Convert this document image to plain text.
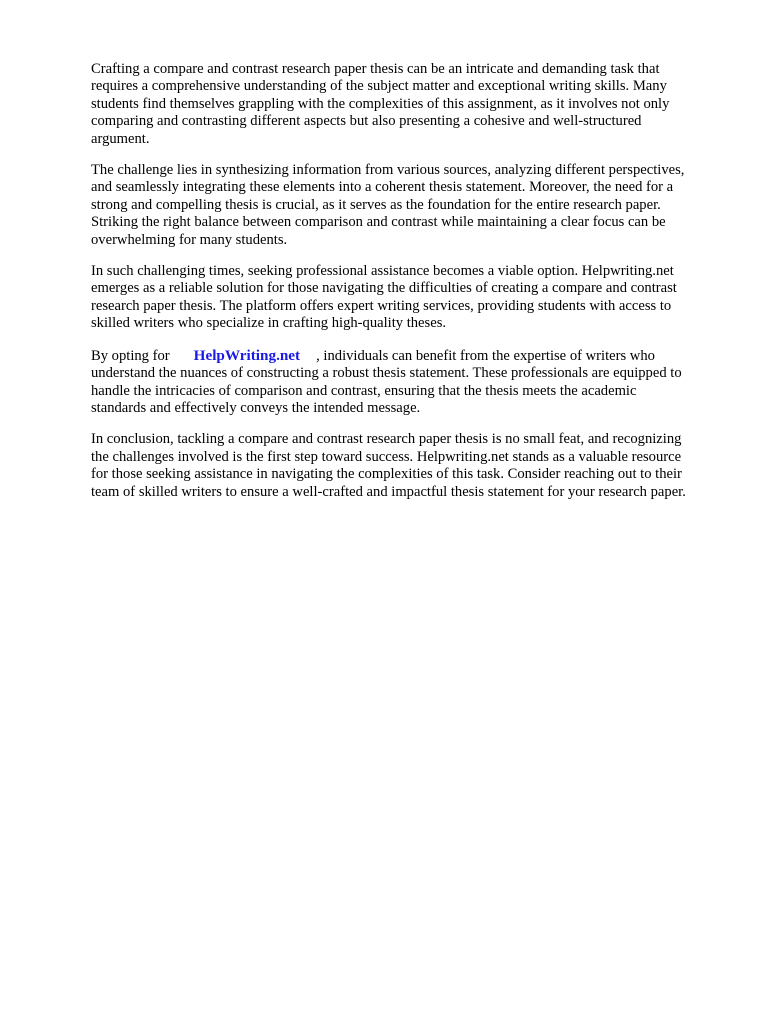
Crafting a compare and contrast research paper thesis can be an intricate and demanding task that
requires a comprehensive understanding of the subject matter and exceptional writing skills. Many
students find themselves grappling with the complexities of this assignment, as it involves not only
comparing and contrasting different aspects but also presenting a cohesive and well-structured
argument.

The challenge lies in synthesizing information from various sources, analyzing different perspectives,
and seamlessly integrating these elements into a coherent thesis statement. Moreover, the need for a
strong and compelling thesis is crucial, as it serves as the foundation for the entire research paper.
Striking the right balance between comparison and contrast while maintaining a clear focus can be
overwhelming for many students.

In such challenging times, seeking professional assistance becomes a viable option. Helpwriting.net
emerges as a reliable solution for those navigating the difficulties of creating a compare and contrast
research paper thesis. The platform offers expert writing services, providing students with access to
skilled writers who specialize in crafting high-quality theses.

By opting for HelpWriting.net , individuals can benefit from the expertise of writers who
understand the nuances of constructing a robust thesis statement. These professionals are equipped to
handle the intricacies of comparison and contrast, ensuring that the thesis meets the academic
standards and effectively conveys the intended message.

In conclusion, tackling a compare and contrast research paper thesis is no small feat, and recognizing
the challenges involved is the first step toward success. Helpwriting.net stands as a valuable resource
for those seeking assistance in navigating the complexities of this task. Consider reaching out to their
team of skilled writers to ensure a well-crafted and impactful thesis statement for your research paper.
